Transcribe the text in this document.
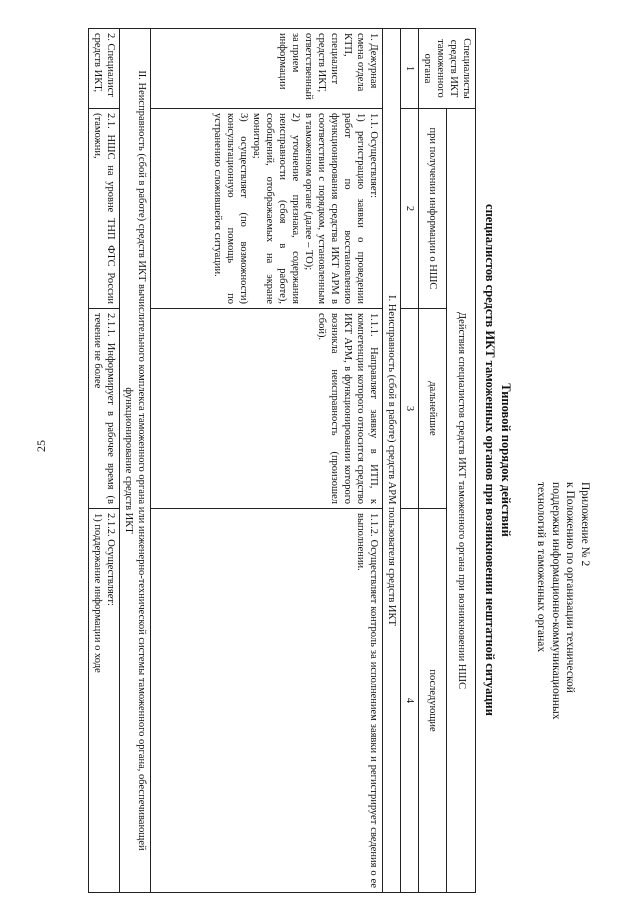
25
Приложение № 2
к Положению по организации технической
поддержки информационно-коммуникационных
технологий в таможенных органах
Типовой порядок действий
специалистов средств ИКТ таможенных органов при возникновении нештатной ситуации
Специалисты средств ИКТ таможенного органа	Действия специалистов средств ИКТ таможенного органа при возникновении НШС		
	при получении информации о НШС	дальнейшие	последующие
1	2	3	4
I. Неисправность (сбой в работе) средств АРМ пользователя средств ИКТ			
1. Дежурная смена отдела КТП, специалист средств ИКТ, ответственный за прием информации	1.1. Осуществляет:
1) регистрацию заявки о проведении работ по восстановлению функционирования средства ИКТ АРМ в соответствии с порядком, установленным в таможенном органе (далее – ТО);
2) уточнение признака, содержания неисправности (сбоя в работе), сообщений, отображаемых на экране монитора;
3) осуществляет (по возможности) консультационную помощь по устранению сложившейся ситуации.	1.1.1. Направляет заявку в ИТП, к компетенции которого относится средство ИКТ АРМ, в функционировании которого возникла неисправность (произошел сбой).	1.1.2. Осуществляет контроль за исполнением заявки и регистрирует сведения о ее выполнении.
II. Неисправность (сбой в работе) средств ИКТ вычислительного комплекса таможенного органа или инженерно-технической системы таможенного органа, обеспечивающей функционирование средств ИКТ			
2. Специалист средств ИКТ,	2.1. НШС на уровне ТНП ФТС России (таможни,	2.1.1. Информирует в рабочее время (в течение не более	2.1.2. Осуществляет:
1) поддержание информации о ходе
